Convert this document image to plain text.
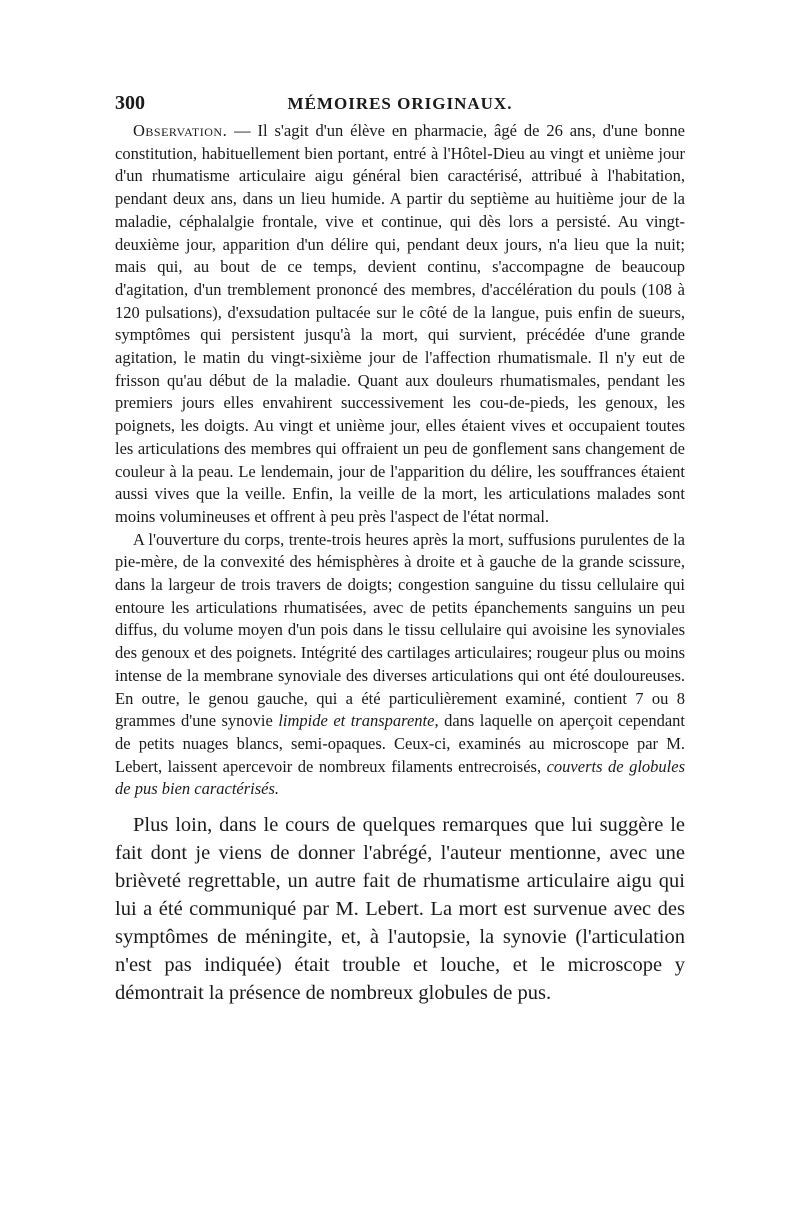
300	MÉMOIRES ORIGINAUX.

Observation. — Il s'agit d'un élève en pharmacie, âgé de 26 ans, d'une bonne constitution, habituellement bien portant, entré à l'Hôtel-Dieu au vingt et unième jour d'un rhumatisme articulaire aigu général bien caractérisé, attribué à l'habitation, pendant deux ans, dans un lieu humide. A partir du septième au huitième jour de la maladie, céphalalgie frontale, vive et continue, qui dès lors a persisté. Au vingt-deuxième jour, apparition d'un délire qui, pendant deux jours, n'a lieu que la nuit; mais qui, au bout de ce temps, devient continu, s'accompagne de beaucoup d'agitation, d'un tremblement prononcé des membres, d'accélération du pouls (108 à 120 pulsations), d'exsudation pultacée sur le côté de la langue, puis enfin de sueurs, symptômes qui persistent jusqu'à la mort, qui survient, précédée d'une grande agitation, le matin du vingt-sixième jour de l'affection rhumatismale. Il n'y eut de frisson qu'au début de la maladie. Quant aux douleurs rhumatismales, pendant les premiers jours elles envahirent successivement les cou-de-pieds, les genoux, les poignets, les doigts. Au vingt et unième jour, elles étaient vives et occupaient toutes les articulations des membres qui offraient un peu de gonflement sans changement de couleur à la peau. Le lendemain, jour de l'apparition du délire, les souffrances étaient aussi vives que la veille. Enfin, la veille de la mort, les articulations malades sont moins volumineuses et offrent à peu près l'aspect de l'état normal.

A l'ouverture du corps, trente-trois heures après la mort, suffusions purulentes de la pie-mère, de la convexité des hémisphères à droite et à gauche de la grande scissure, dans la largeur de trois travers de doigts; congestion sanguine du tissu cellulaire qui entoure les articulations rhumatisées, avec de petits épanchements sanguins un peu diffus, du volume moyen d'un pois dans le tissu cellulaire qui avoisine les synoviales des genoux et des poignets. Intégrité des cartilages articulaires; rougeur plus ou moins intense de la membrane synoviale des diverses articulations qui ont été douloureuses. En outre, le genou gauche, qui a été particulièrement examiné, contient 7 ou 8 grammes d'une synovie limpide et transparente, dans laquelle on aperçoit cependant de petits nuages blancs, semi-opaques. Ceux-ci, examinés au microscope par M. Lebert, laissent apercevoir de nombreux filaments entrecroisés, couverts de globules de pus bien caractérisés.

Plus loin, dans le cours de quelques remarques que lui suggère le fait dont je viens de donner l'abrégé, l'auteur mentionne, avec une brièveté regrettable, un autre fait de rhumatisme articulaire aigu qui lui a été communiqué par M. Lebert. La mort est survenue avec des symptômes de méningite, et, à l'autopsie, la synovie (l'articulation n'est pas indiquée) était trouble et louche, et le microscope y démontrait la présence de nombreux globules de pus.
